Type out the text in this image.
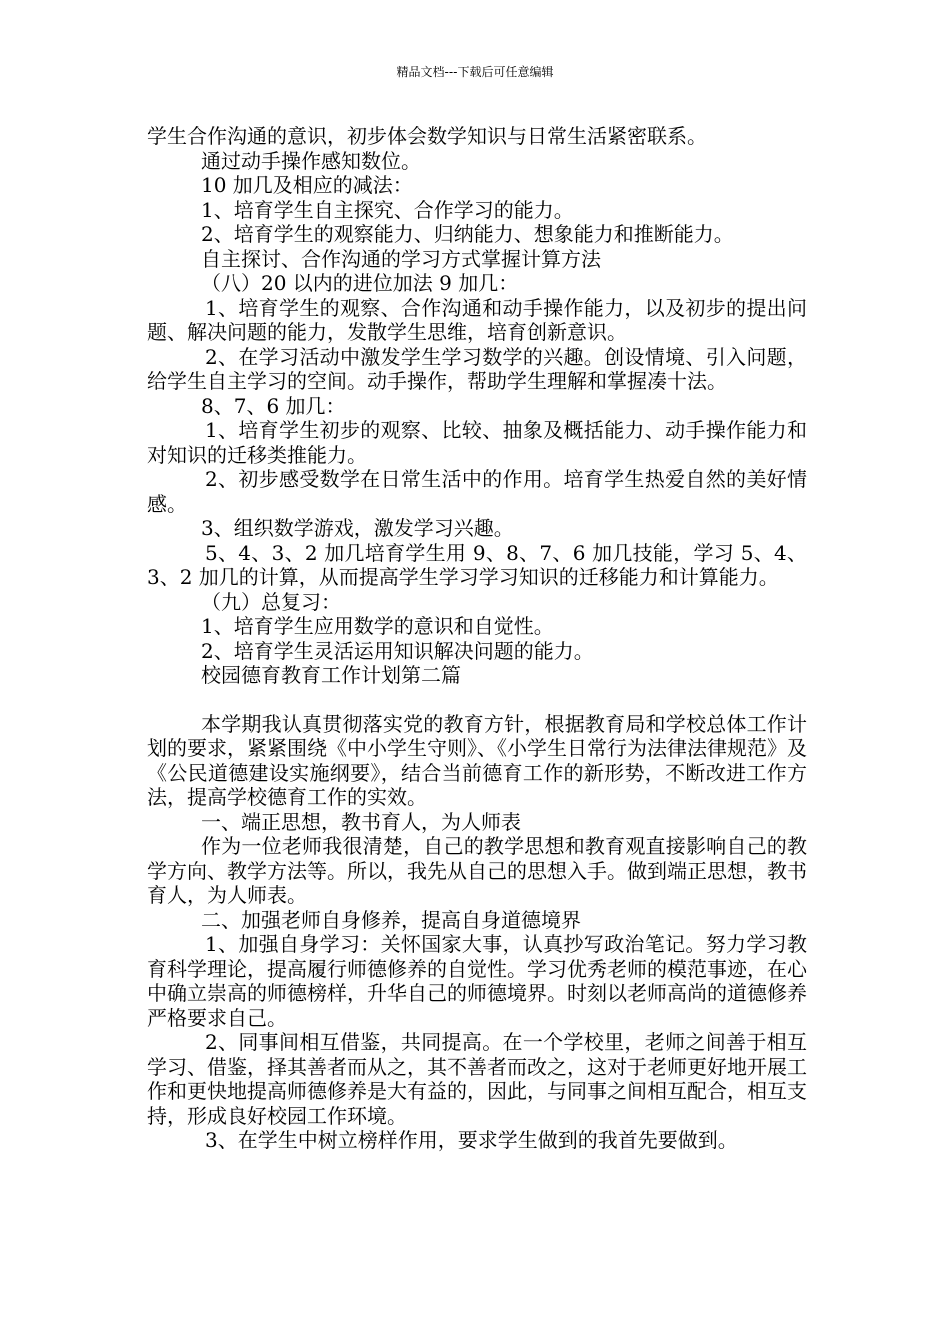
精品文档---下载后可任意编辑

学生合作沟通的意识，初步体会数学知识与日常生活紧密联系。

通过动手操作感知数位。

10 加几及相应的减法：

1、培育学生自主探究、合作学习的能力。

2、培育学生的观察能力、归纳能力、想象能力和推断能力。

自主探讨、合作沟通的学习方式掌握计算方法

（八）20 以内的进位加法 9 加几：

1、培育学生的观察、合作沟通和动手操作能力，以及初步的提出问题、解决问题的能力，发散学生思维，培育创新意识。

2、在学习活动中激发学生学习数学的兴趣。创设情境、引入问题，给学生自主学习的空间。动手操作，帮助学生理解和掌握凑十法。

8、7、6 加几：

1、培育学生初步的观察、比较、抽象及概括能力、动手操作能力和对知识的迁移类推能力。

2、初步感受数学在日常生活中的作用。培育学生热爱自然的美好情感。

3、组织数学游戏，激发学习兴趣。

5、4、3、2 加几培育学生用 9、8、7、6 加几技能，学习 5、4、3、2 加几的计算，从而提高学生学习学习知识的迁移能力和计算能力。

（九）总复习：

1、培育学生应用数学的意识和自觉性。

2、培育学生灵活运用知识解决问题的能力。

校园德育教育工作计划第二篇

本学期我认真贯彻落实党的教育方针，根据教育局和学校总体工作计划的要求，紧紧围绕《中小学生守则》、《小学生日常行为法律法律规范》及《公民道德建设实施纲要》，结合当前德育工作的新形势，不断改进工作方法，提高学校德育工作的实效。

一、端正思想，教书育人，为人师表

作为一位老师我很清楚，自己的教学思想和教育观直接影响自己的教学方向、教学方法等。所以，我先从自己的思想入手。做到端正思想，教书育人，为人师表。

二、加强老师自身修养，提高自身道德境界

1、加强自身学习：关怀国家大事，认真抄写政治笔记。努力学习教育科学理论，提高履行师德修养的自觉性。学习优秀老师的模范事迹，在心中确立崇高的师德榜样，升华自己的师德境界。时刻以老师高尚的道德修养严格要求自己。

2、同事间相互借鉴，共同提高。在一个学校里，老师之间善于相互学习、借鉴，择其善者而从之，其不善者而改之，这对于老师更好地开展工作和更快地提高师德修养是大有益的，因此，与同事之间相互配合，相互支持，形成良好校园工作环境。

3、在学生中树立榜样作用，要求学生做到的我首先要做到。
